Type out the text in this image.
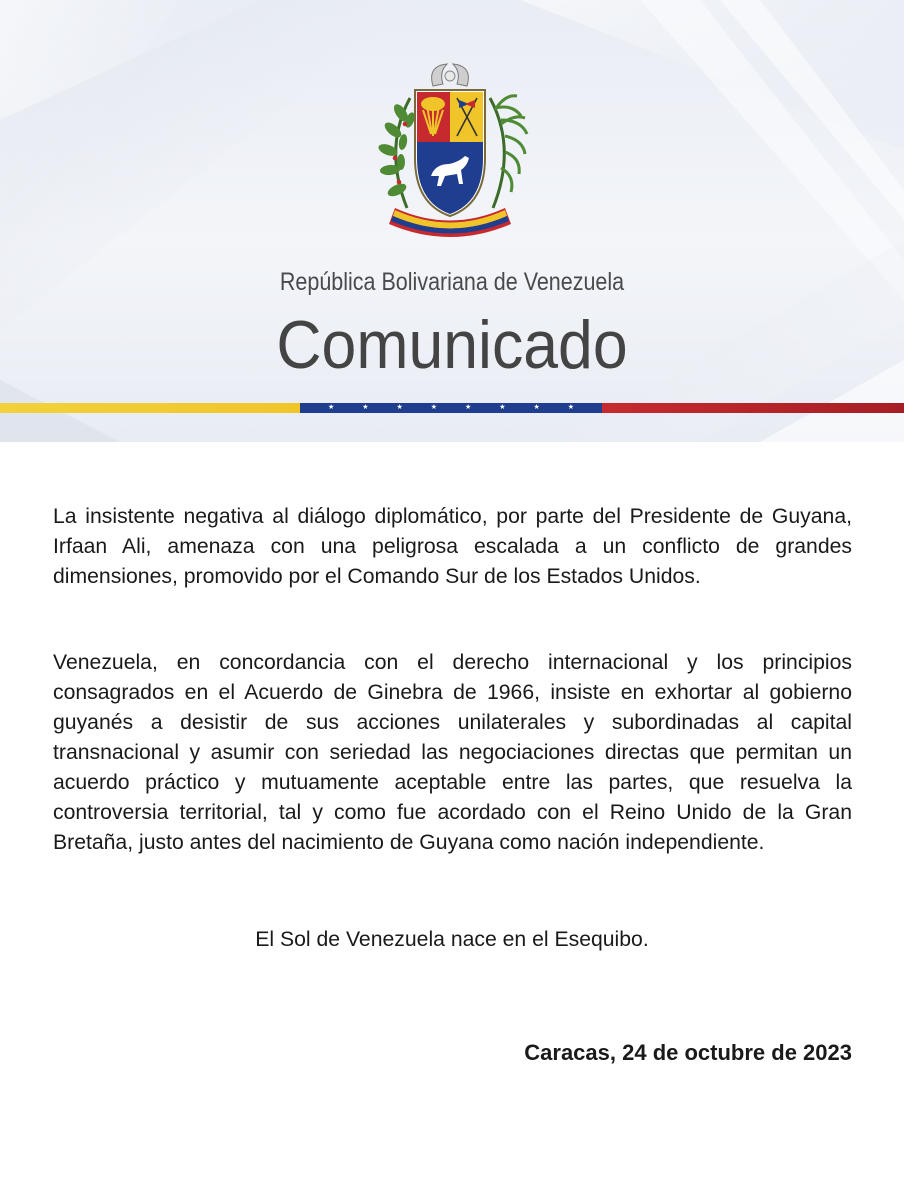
República Bolivariana de Venezuela
Comunicado
★	★	★	★	★	★	★	★

La insistente negativa al diálogo diplomático, por parte del Presidente de Guyana, Irfaan Ali, amenaza con una peligrosa escalada a un conflicto de grandes dimensiones, promovido por el Comando Sur de los Estados Unidos.

Venezuela, en concordancia con el derecho internacional y los principios consagrados en el Acuerdo de Ginebra de 1966, insiste en exhortar al gobierno guyanés a desistir de sus acciones unilaterales y subordinadas al capital transnacional y asumir con seriedad las negociaciones directas que permitan un acuerdo práctico y mutuamente aceptable entre las partes, que resuelva la controversia territorial, tal y como fue acordado con el Reino Unido de la Gran Bretaña, justo antes del nacimiento de Guyana como nación independiente.

El Sol de Venezuela nace en el Esequibo.

Caracas, 24 de octubre de 2023
